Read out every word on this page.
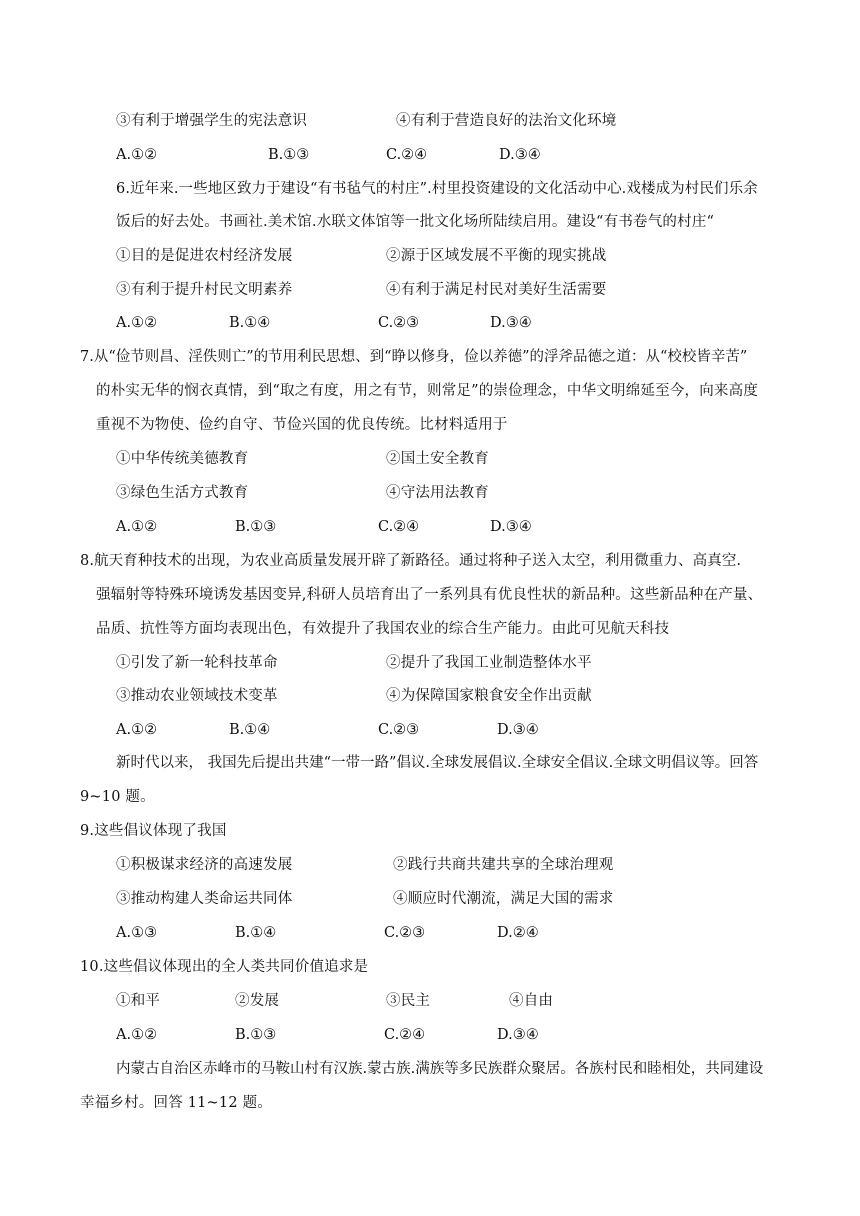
③有利于增强学生的宪法意识	④有利于营造良好的法治文化环境
A.①②	B.①③	C.②④	D.③④
6.近年来.一些地区致力于建设“有书毡气的村庄”.村里投资建设的文化活动中心.戏楼成为村民们乐余
饭后的好去处。书画社.美术馆.水联文体馆等一批文化场所陆续启用。建设“有书卷气的村庄“
①目的是促进农村经济发展	②源于区域发展不平衡的现实挑战
③有利于提升村民文明素养	④有利于满足村民对美好生活需要
A.①②	B.①④	C.②③	D.③④
7.从“俭节则昌、淫佚则亡”的节用利民思想、到“睁以修身，俭以养德”的浮斧品德之道：从“校校皆辛苦”
的朴实无华的悯衣真情，到“取之有度，用之有节，则常足”的崇俭理念，中华文明绵延至今，向来高度
重视不为物使、俭约自守、节俭兴国的优良传统。比材料适用于
①中华传统美德教育	②国土安全教育
③绿色生活方式教育	④守法用法教育
A.①②	B.①③	C.②④	D.③④
8.航天育种技术的出现，为农业高质量发展开辟了新路径。通过将种子送入太空，利用微重力、高真空.
强辐射等特殊环境诱发基因变异,科研人员培育出了一系列具有优良性状的新品种。这些新品种在产量、
品质、抗性等方面均表现出色，有效提升了我国农业的综合生产能力。由此可见航天科技
①引发了新一轮科技革命	②提升了我国工业制造整体水平
③推动农业领域技术变革	④为保障国家粮食安全作出贡献
A.①②	B.①④	C.②③	D.③④
新时代以来， 我国先后提出共建“一带一路”倡议.全球发展倡议.全球安全倡议.全球文明倡议等。回答
9~10 题。
9.这些倡议体现了我国
①积极谋求经济的高速发展	②践行共商共建共享的全球治理观
③推动构建人类命运共同体	④顺应时代潮流，满足大国的需求
A.①③	B.①④	C.②③	D.②④
10.这些倡议体现出的全人类共同价值追求是
①和平	②发展	③民主	④自由
A.①②	B.①③	C.②④	D.③④
内蒙古自治区赤峰市的马鞍山村有汉族.蒙古族.满族等多民族群众聚居。各族村民和睦相处，共同建设
幸福乡村。回答 11~12 题。
